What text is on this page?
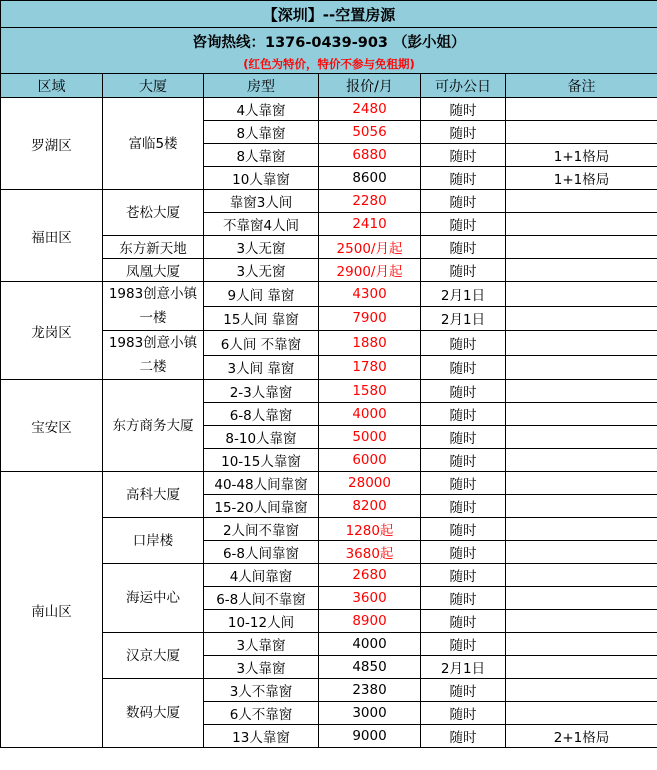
【深圳】--空置房源					
咨询热线：1376-0439-903 （彭小姐）					
(红色为特价，特价不参与免租期)					
区域	大厦	房型	报价/月	可办公日	备注
罗湖区	富临5楼	4人靠窗	2480	随时	
		8人靠窗	5056	随时	
		8人靠窗	6880	随时	1+1格局
		10人靠窗	8600	随时	1+1格局
福田区	苍松大厦	靠窗3人间	2280	随时	
		不靠窗4人间	2410	随时	
	东方新天地	3人无窗	2500/月起	随时	
	凤凰大厦	3人无窗	2900/月起	随时	
龙岗区	1983创意小镇一楼	9人间 靠窗	4300	2月1日	
		15人间 靠窗	7900	2月1日	
	1983创意小镇二楼	6人间 不靠窗	1880	随时	
		3人间 靠窗	1780	随时	
宝安区	东方商务大厦	2-3人靠窗	1580	随时	
		6-8人靠窗	4000	随时	
		8-10人靠窗	5000	随时	
		10-15人靠窗	6000	随时	
南山区	高科大厦	40-48人间靠窗	28000	随时	
		15-20人间靠窗	8200	随时	
	口岸楼	2人间不靠窗	1280起	随时	
		6-8人间靠窗	3680起	随时	
	海运中心	4人间靠窗	2680	随时	
		6-8人间不靠窗	3600	随时	
		10-12人间	8900	随时	
	汉京大厦	3人靠窗	4000	随时	
		3人靠窗	4850	2月1日	
	数码大厦	3人不靠窗	2380	随时	
		6人不靠窗	3000	随时	
		13人靠窗	9000	随时	2+1格局
